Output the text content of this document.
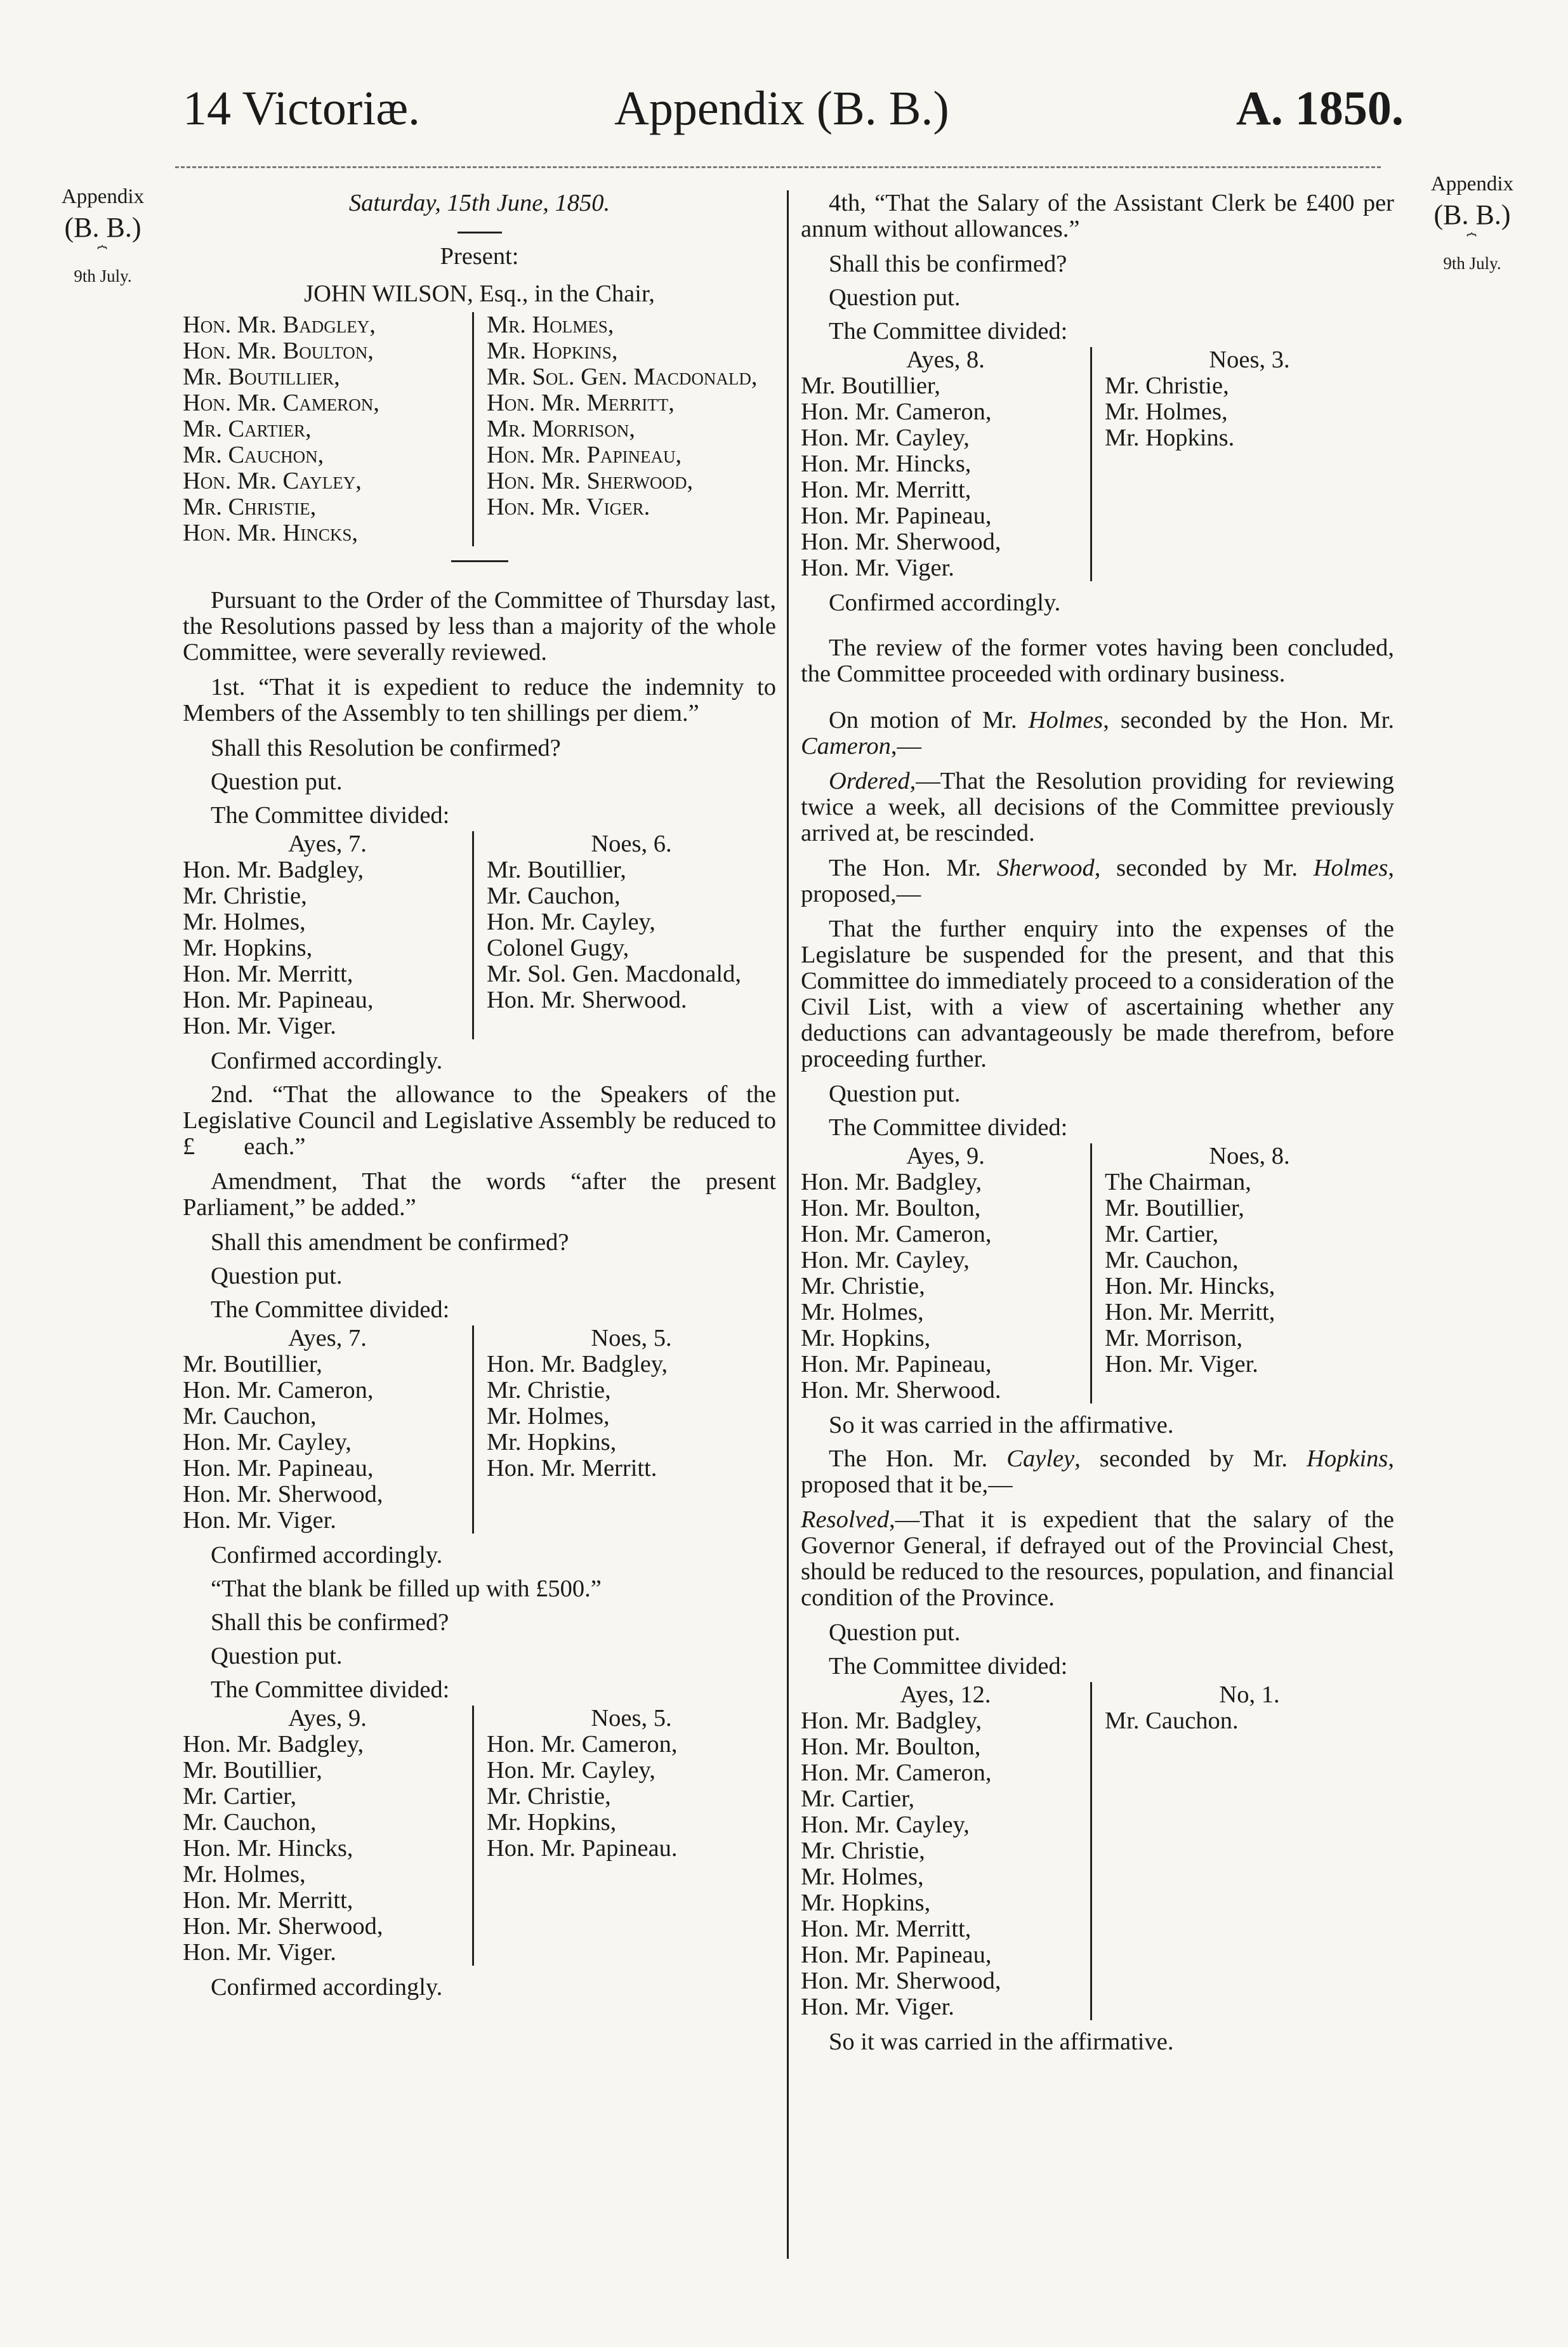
14 Victoriæ.	Appendix (B. B.)	A. 1850.
Appendix
(B. B.)
⏞
9th July.
Appendix
(B. B.)
⏞
9th July.
Saturday, 15th June, 1850.
Present:
JOHN WILSON, Esq., in the Chair,
Hon. Mr. Badgley,
Hon. Mr. Boulton,
Mr. Boutillier,
Hon. Mr. Cameron,
Mr. Cartier,
Mr. Cauchon,
Hon. Mr. Cayley,
Mr. Christie,
Hon. Mr. Hincks,
Mr. Holmes,
Mr. Hopkins,
Mr. Sol. Gen. Macdonald,
Hon. Mr. Merritt,
Mr. Morrison,
Hon. Mr. Papineau,
Hon. Mr. Sherwood,
Hon. Mr. Viger.

Pursuant to the Order of the Committee of Thursday last, the Resolutions passed by less than a majority of the whole Committee, were severally reviewed.

1st. “That it is expedient to reduce the indemnity to Members of the Assembly to ten shillings per diem.”

Shall this Resolution be confirmed?
Question put.
The Committee divided:
Ayes, 7.
Hon. Mr. Badgley,
Mr. Christie,
Mr. Holmes,
Mr. Hopkins,
Hon. Mr. Merritt,
Hon. Mr. Papineau,
Hon. Mr. Viger.
Noes, 6.
Mr. Boutillier,
Mr. Cauchon,
Hon. Mr. Cayley,
Colonel Gugy,
Mr. Sol. Gen. Macdonald,
Hon. Mr. Sherwood.
Confirmed accordingly.

2nd. “That the allowance to the Speakers of the Legislative Council and Legislative Assembly be reduced to £        each.”

Amendment, That the words “after the present Parliament,” be added.”

Shall this amendment be confirmed?
Question put.
The Committee divided:
Ayes, 7.
Mr. Boutillier,
Hon. Mr. Cameron,
Mr. Cauchon,
Hon. Mr. Cayley,
Hon. Mr. Papineau,
Hon. Mr. Sherwood,
Hon. Mr. Viger.
Noes, 5.
Hon. Mr. Badgley,
Mr. Christie,
Mr. Holmes,
Mr. Hopkins,
Hon. Mr. Merritt.
Confirmed accordingly.
“That the blank be filled up with £500.”
Shall this be confirmed?
Question put.
The Committee divided:
Ayes, 9.
Hon. Mr. Badgley,
Mr. Boutillier,
Mr. Cartier,
Mr. Cauchon,
Hon. Mr. Hincks,
Mr. Holmes,
Hon. Mr. Merritt,
Hon. Mr. Sherwood,
Hon. Mr. Viger.
Noes, 5.
Hon. Mr. Cameron,
Hon. Mr. Cayley,
Mr. Christie,
Mr. Hopkins,
Hon. Mr. Papineau.
Confirmed accordingly.

4th, “That the Salary of the Assistant Clerk be £400 per annum without allowances.”

Shall this be confirmed?
Question put.
The Committee divided:
Ayes, 8.
Mr. Boutillier,
Hon. Mr. Cameron,
Hon. Mr. Cayley,
Hon. Mr. Hincks,
Hon. Mr. Merritt,
Hon. Mr. Papineau,
Hon. Mr. Sherwood,
Hon. Mr. Viger.
Noes, 3.
Mr. Christie,
Mr. Holmes,
Mr. Hopkins.
Confirmed accordingly.

The review of the former votes having been concluded, the Committee proceeded with ordinary business.

On motion of Mr. Holmes, seconded by the Hon. Mr. Cameron,—

Ordered,—That the Resolution providing for reviewing twice a week, all decisions of the Committee previously arrived at, be rescinded.

The Hon. Mr. Sherwood, seconded by Mr. Holmes, proposed,—

That the further enquiry into the expenses of the Legislature be suspended for the present, and that this Committee do immediately proceed to a consideration of the Civil List, with a view of ascertaining whether any deductions can advantageously be made therefrom, before proceeding further.

Question put.
The Committee divided:
Ayes, 9.
Hon. Mr. Badgley,
Hon. Mr. Boulton,
Hon. Mr. Cameron,
Hon. Mr. Cayley,
Mr. Christie,
Mr. Holmes,
Mr. Hopkins,
Hon. Mr. Papineau,
Hon. Mr. Sherwood.
Noes, 8.
The Chairman,
Mr. Boutillier,
Mr. Cartier,
Mr. Cauchon,
Hon. Mr. Hincks,
Hon. Mr. Merritt,
Mr. Morrison,
Hon. Mr. Viger.
So it was carried in the affirmative.

The Hon. Mr. Cayley, seconded by Mr. Hopkins, proposed that it be,—

Resolved,—That it is expedient that the salary of the Governor General, if defrayed out of the Provincial Chest, should be reduced to the resources, population, and financial condition of the Province.

Question put.
The Committee divided:
Ayes, 12.
Hon. Mr. Badgley,
Hon. Mr. Boulton,
Hon. Mr. Cameron,
Mr. Cartier,
Hon. Mr. Cayley,
Mr. Christie,
Mr. Holmes,
Mr. Hopkins,
Hon. Mr. Merritt,
Hon. Mr. Papineau,
Hon. Mr. Sherwood,
Hon. Mr. Viger.
No, 1.
Mr. Cauchon.
So it was carried in the affirmative.
